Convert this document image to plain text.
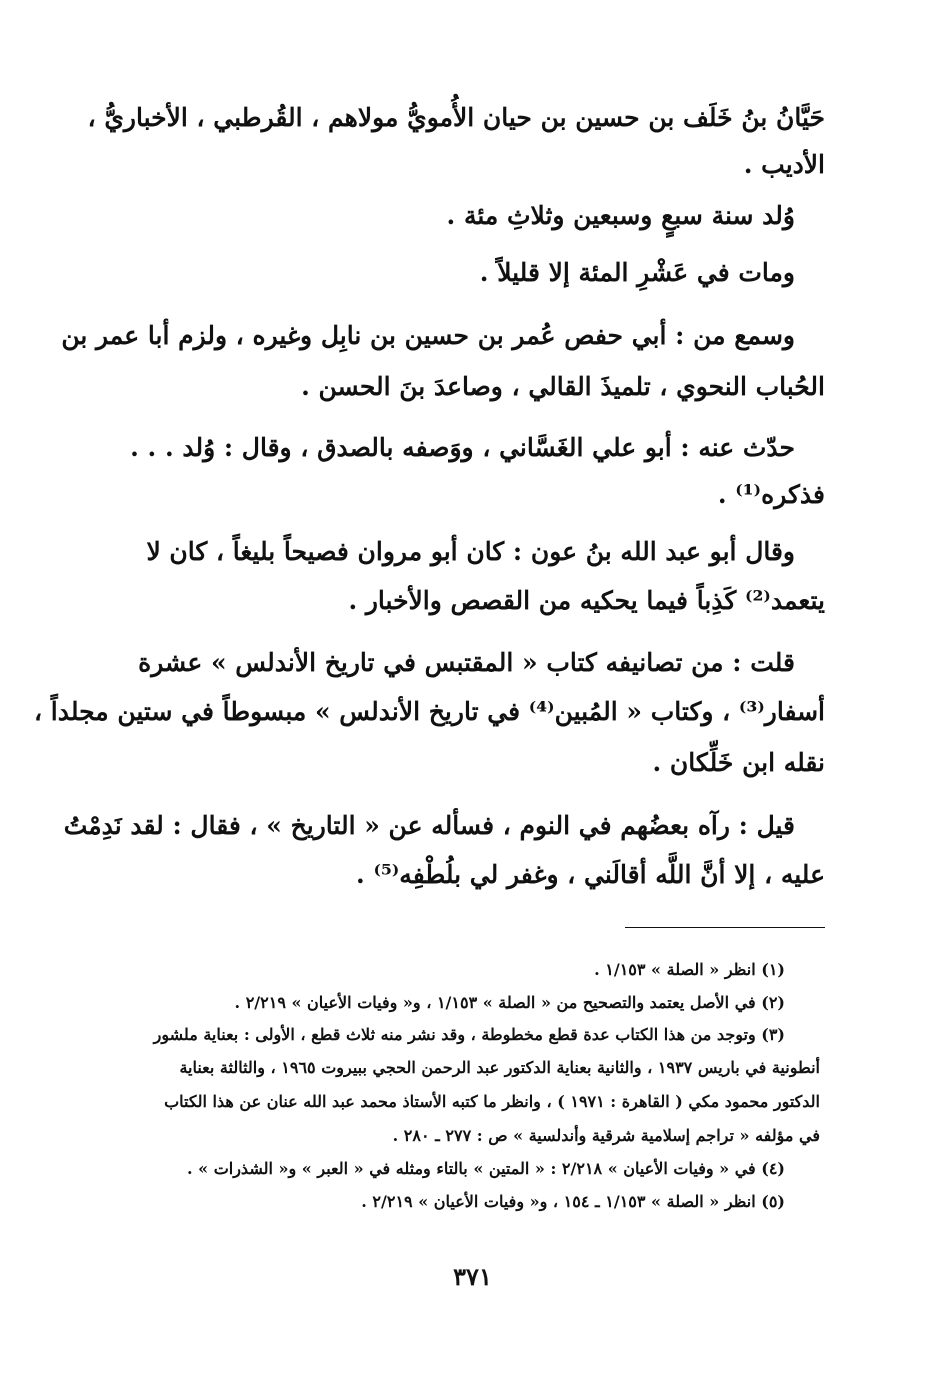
حَيَّانُ بنُ خَلَف بن حسين بن حيان الأُمويُّ مولاهم ، القُرطبي ، الأخباريُّ ،
الأديب .
وُلد سنة سبعٍ وسبعين وثلاثِ مئة .
ومات في عَشْرِ المئة إلا قليلاً .
وسمع من : أبي حفص عُمر بن حسين بن نابِل وغيره ، ولزم أبا عمر بن
الحُباب النحوي ، تلميذَ القالي ، وصاعدَ بنَ الحسن .
حدّث عنه : أبو علي الغَسَّاني ، ووَصفه بالصدق ، وقال : وُلد . . .
فذكره⁽¹⁾ .
وقال أبو عبد الله بنُ عون : كان أبو مروان فصيحاً بليغاً ، كان لا
يتعمد⁽²⁾ كَذِباً فيما يحكيه من القصص والأخبار .
قلت : من تصانيفه كتاب « المقتبس في تاريخ الأندلس » عشرة
أسفار⁽³⁾ ، وكتاب « المُبين⁽⁴⁾ في تاريخ الأندلس » مبسوطاً في ستين مجلداً ،
نقله ابن خَلِّكان .
قيل : رآه بعضُهم في النوم ، فسأله عن « التاريخ » ، فقال : لقد نَدِمْتُ
عليه ، إلا أنَّ اللَّه أقالَني ، وغفر لي بلُطْفِه⁽⁵⁾ .
(١) انظر « الصلة » ١/١٥٣ .
(٢) في الأصل يعتمد والتصحيح من « الصلة » ١/١٥٣ ، و« وفيات الأعيان » ٢/٢١٩ .
(٣) وتوجد من هذا الكتاب عدة قطع مخطوطة ، وقد نشر منه ثلاث قطع ، الأولى : بعناية ملشور
أنطونية في باريس ١٩٣٧ ، والثانية بعناية الدكتور عبد الرحمن الحجي ببيروت ١٩٦٥ ، والثالثة بعناية
الدكتور محمود مكي ( القاهرة : ١٩٧١ ) ، وانظر ما كتبه الأستاذ محمد عبد الله عنان عن هذا الكتاب
في مؤلفه « تراجم إسلامية شرقية وأندلسية » ص : ٢٧٧ ـ ٢٨٠ .
(٤) في « وفيات الأعيان » ٢/٢١٨ : « المتين » بالتاء ومثله في « العبر » و« الشذرات » .
(٥) انظر « الصلة » ١/١٥٣ ـ ١٥٤ ، و« وفيات الأعيان » ٢/٢١٩ .
٣٧١
